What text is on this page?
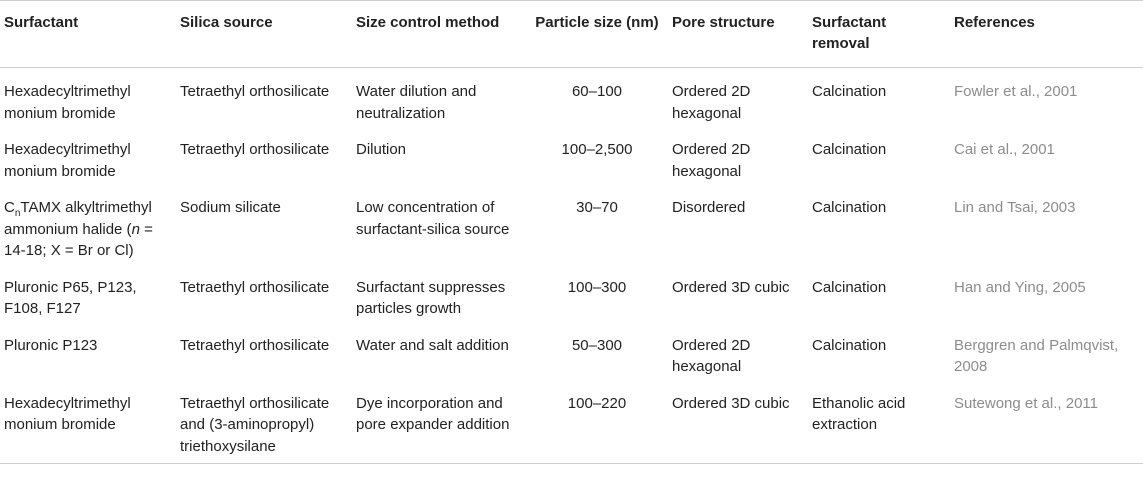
Surfactant	Silica source	Size control method	Particle size (nm)	Pore structure	Surfactant removal	References
Hexadecyltrimethyl monium bromide	Tetraethyl orthosilicate	Water dilution and neutralization	60–100	Ordered 2D hexagonal	Calcination	Fowler et al., 2001
Hexadecyltrimethyl monium bromide	Tetraethyl orthosilicate	Dilution	100–2,500	Ordered 2D hexagonal	Calcination	Cai et al., 2001
$C_nTAMX$ alkyltrimethyl ammonium halide (n = 14-18; X = Br or Cl)	Sodium silicate	Low concentration of surfactant-silica source	30–70	Disordered	Calcination	Lin and Tsai, 2003
Pluronic P65, P123, F108, F127	Tetraethyl orthosilicate	Surfactant suppresses particles growth	100–300	Ordered 3D cubic	Calcination	Han and Ying, 2005
Pluronic P123	Tetraethyl orthosilicate	Water and salt addition	50–300	Ordered 2D hexagonal	Calcination	Berggren and Palmqvist, 2008
Hexadecyltrimethyl monium bromide	Tetraethyl orthosilicate and (3-aminopropyl) triethoxysilane	Dye incorporation and pore expander addition	100–220	Ordered 3D cubic	Ethanolic acid extraction	Sutewong et al., 2011
